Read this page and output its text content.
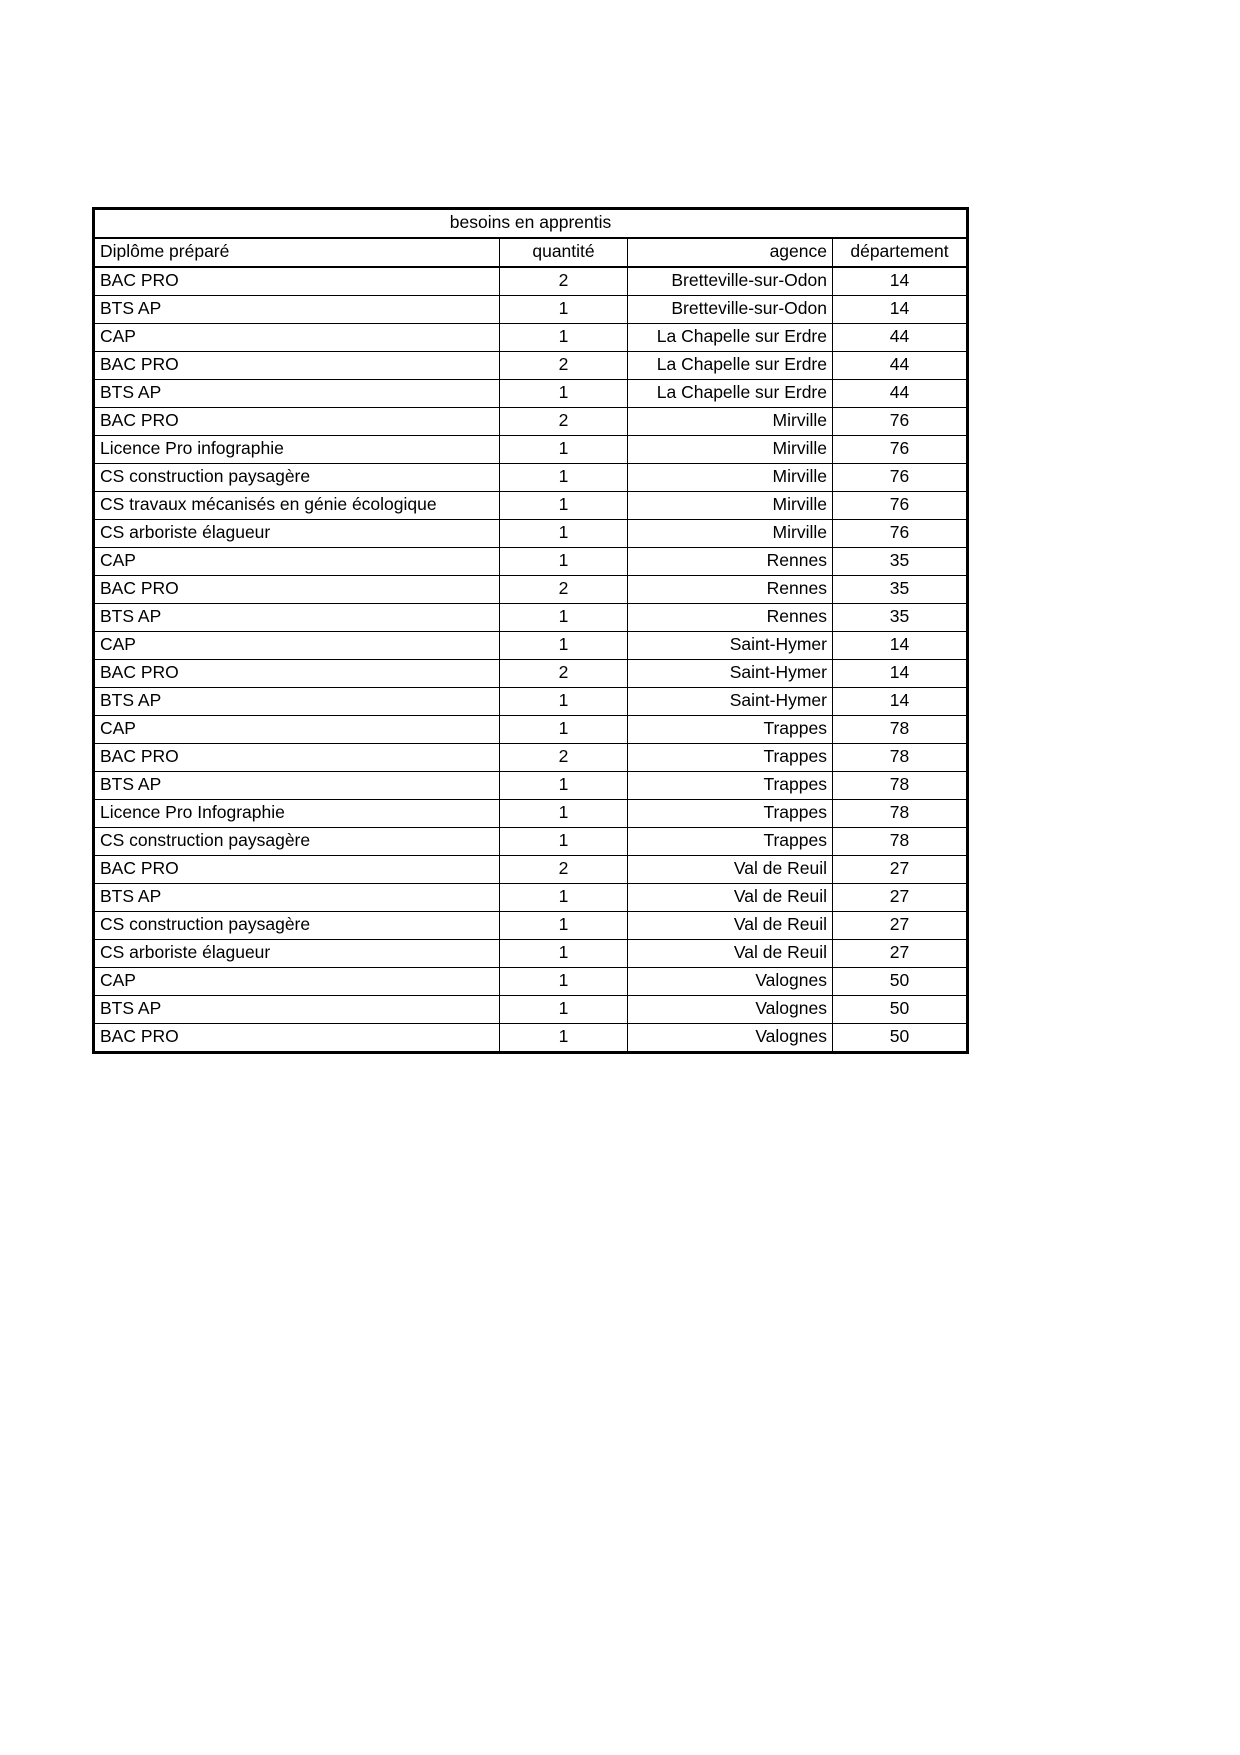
besoins en apprentis			
Diplôme préparé	quantité	agence	département
BAC PRO	2	Bretteville-sur-Odon	14
BTS AP	1	Bretteville-sur-Odon	14
CAP	1	La Chapelle sur Erdre	44
BAC PRO	2	La Chapelle sur Erdre	44
BTS AP	1	La Chapelle sur Erdre	44
BAC PRO	2	Mirville	76
Licence Pro infographie	1	Mirville	76
CS construction paysagère	1	Mirville	76
CS travaux mécanisés en génie écologique	1	Mirville	76
CS arboriste élagueur	1	Mirville	76
CAP	1	Rennes	35
BAC PRO	2	Rennes	35
BTS AP	1	Rennes	35
CAP	1	Saint-Hymer	14
BAC PRO	2	Saint-Hymer	14
BTS AP	1	Saint-Hymer	14
CAP	1	Trappes	78
BAC PRO	2	Trappes	78
BTS AP	1	Trappes	78
Licence Pro Infographie	1	Trappes	78
CS construction paysagère	1	Trappes	78
BAC PRO	2	Val de Reuil	27
BTS AP	1	Val de Reuil	27
CS construction paysagère	1	Val de Reuil	27
CS arboriste élagueur	1	Val de Reuil	27
CAP	1	Valognes	50
BTS AP	1	Valognes	50
BAC PRO	1	Valognes	50
